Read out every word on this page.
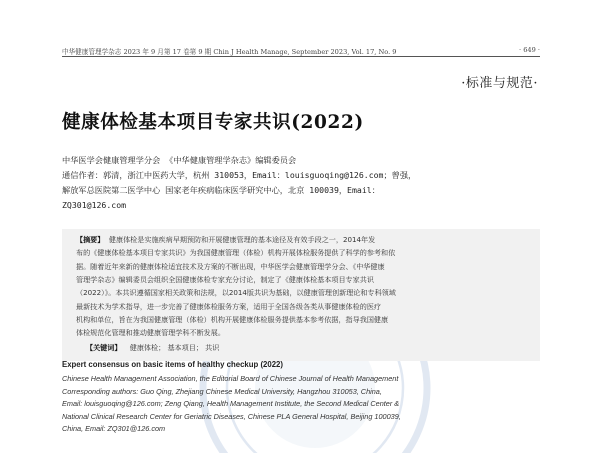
中华健康管理学杂志 2023 年 9 月第 17 卷第 9 期 Chin J Health Manage, September 2023, Vol. 17, No. 9	· 649 ·
·标准与规范·
健康体检基本项目专家共识(2022)
中华医学会健康管理学分会 《中华健康管理学杂志》编辑委员会
通信作者：郭清，浙江中医药大学，杭州 310053，Email：louisguoqing@126.com；曾强，
解放军总医院第二医学中心 国家老年疾病临床医学研究中心，北京 100039，Email：
ZQ301@126.com
【摘要】 健康体检是实施疾病早期预防和开展健康管理的基本途径及有效手段之一，2014年发
布的《健康体检基本项目专家共识》为我国健康管理（体检）机构开展体检服务提供了科学的参考和依
据。随着近年来新的健康体检适宜技术及方案的不断出现，中华医学会健康管理学分会、《中华健康
管理学杂志》编辑委员会组织全国健康体检专家充分讨论，制定了《健康体检基本项目专家共识
（2022）》。本共识遵循国家相关政策和法规，以2014版共识为基础，以健康管理创新理论和专科领域
最新技术为学术指导，进一步完善了健康体检服务方案，适用于全国各级各类从事健康体检的医疗
机构和单位，旨在为我国健康管理（体检）机构开展健康体检服务提供基本参考依据，指导我国健康
体检规范化管理和推动健康管理学科不断发展。
【关键词】 健康体检； 基本项目； 共识
Expert consensus on basic items of healthy checkup (2022)
Chinese Health Management Association, the Editorial Board of Chinese Journal of Health Management
Corresponding authors: Guo Qing, Zhejiang Chinese Medical University, Hangzhou 310053, China,
Email: louisguoqing@126.com; Zeng Qiang, Health Management Institute, the Second Medical Center &
National Clinical Research Center for Geriatric Diseases, Chinese PLA General Hospital, Beijing 100039,
China, Email: ZQ301@126.com
